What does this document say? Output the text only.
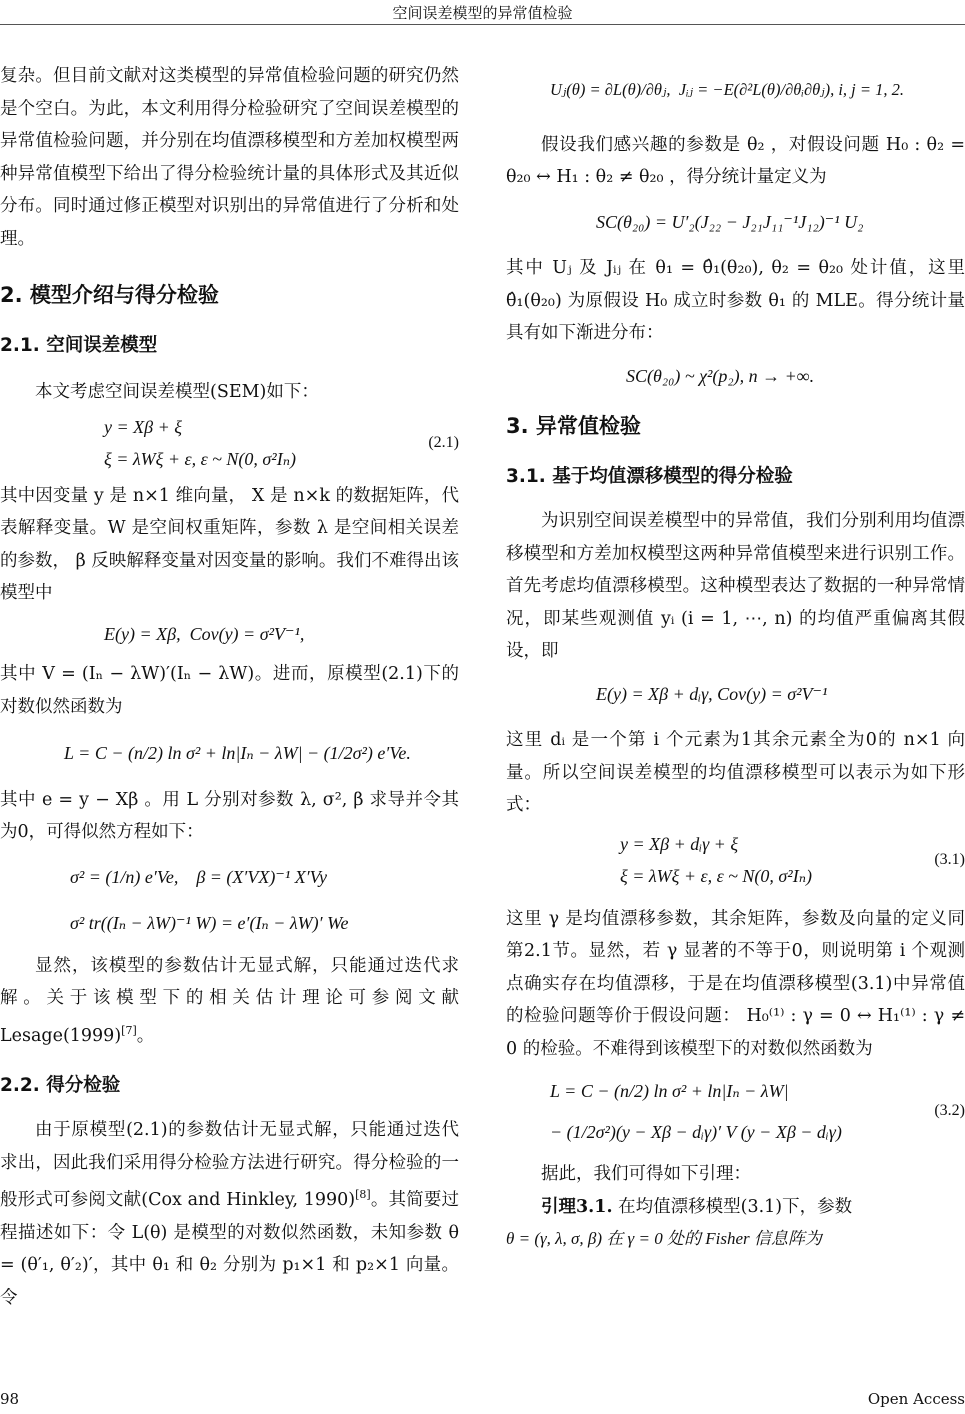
空间误差模型的异常值检验

复杂。但目前文献对这类模型的异常值检验问题的研究仍然是个空白。为此，本文利用得分检验研究了空间误差模型的异常值检验问题，并分别在均值漂移模型和方差加权模型两种异常值模型下给出了得分检验统计量的具体形式及其近似分布。同时通过修正模型对识别出的异常值进行了分析和处理。

2. 模型介绍与得分检验
2.1. 空间误差模型

本文考虑空间误差模型(SEM)如下：

y = Xβ + ξ
ξ = λWξ + ε, ε ~ N(0, σ²Iₙ)
(2.1)

其中因变量 y 是 n×1 维向量， X 是 n×k 的数据矩阵，代表解释变量。W 是空间权重矩阵，参数 λ 是空间相关误差的参数， β 反映解释变量对因变量的影响。我们不难得出该模型中

E(y) = Xβ,  Cov(y) = σ²V⁻¹,

其中 V = (Iₙ − λW)′(Iₙ − λW)。进而，原模型(2.1)下的对数似然函数为

L = C − (n/2) ln σ² + ln|Iₙ − λW| − (1/2σ²) e′Ve.

其中 e = y − Xβ 。用 L 分别对参数 λ, σ², β 求导并令其为0，可得似然方程如下：

σ² = (1/n) e′Ve,    β = (X′VX)⁻¹ X′Vy
σ² tr((Iₙ − λW)⁻¹ W) = e′(Iₙ − λW)′ We

显然，该模型的参数估计无显式解，只能通过迭代求解。关于该模型下的相关估计理论可参阅文献Lesage(1999)[7]。

2.2. 得分检验

由于原模型(2.1)的参数估计无显式解，只能通过迭代求出，因此我们采用得分检验方法进行研究。得分检验的一般形式可参阅文献(Cox and Hinkley, 1990)[8]。其简要过程描述如下：令 L(θ) 是模型的对数似然函数，未知参数 θ = (θ′₁, θ′₂)′，其中 θ₁ 和 θ₂ 分别为 p₁×1 和 p₂×1 向量。令

Uⱼ(θ) = ∂L(θ)/∂θⱼ,  Jᵢⱼ = −E(∂²L(θ)/∂θᵢ∂θⱼ), i, j = 1, 2.

假设我们感兴趣的参数是 θ₂ ，对假设问题 H₀ : θ₂ = θ₂₀ ↔ H₁ : θ₂ ≠ θ₂₀ ，得分统计量定义为

SC(θ₂₀) = U′₂(J₂₂ − J₂₁J₁₁⁻¹J₁₂)⁻¹ U₂

其中 Uⱼ 及 Jᵢⱼ 在 θ₁ = θ̂₁(θ₂₀), θ₂ = θ₂₀ 处计值，这里 θ̂₁(θ₂₀) 为原假设 H₀ 成立时参数 θ₁ 的 MLE。得分统计量具有如下渐进分布：

SC(θ₂₀) ~ χ²(p₂), n → +∞.
3. 异常值检验
3.1. 基于均值漂移模型的得分检验

为识别空间误差模型中的异常值，我们分别利用均值漂移模型和方差加权模型这两种异常值模型来进行识别工作。首先考虑均值漂移模型。这种模型表达了数据的一种异常情况，即某些观测值 yᵢ (i = 1, ⋯, n) 的均值严重偏离其假设，即

E(y) = Xβ + dᵢγ, Cov(y) = σ²V⁻¹

这里 dᵢ 是一个第 i 个元素为1其余元素全为0的 n×1 向量。所以空间误差模型的均值漂移模型可以表示为如下形式：

y = Xβ + dᵢγ + ξ
ξ = λWξ + ε, ε ~ N(0, σ²Iₙ)
(3.1)

这里 γ 是均值漂移参数，其余矩阵，参数及向量的定义同第2.1节。显然，若 γ 显著的不等于0，则说明第 i 个观测点确实存在均值漂移，于是在均值漂移模型(3.1)中异常值的检验问题等价于假设问题： H₀⁽¹⁾ : γ = 0 ↔ H₁⁽¹⁾ : γ ≠ 0 的检验。不难得到该模型下的对数似然函数为

L = C − (n/2) ln σ² + ln|Iₙ − λW|
− (1/2σ²)(y − Xβ − dᵢγ)′ V (y − Xβ − dᵢγ)
(3.2)

据此，我们可得如下引理：

引理3.1. 在均值漂移模型(3.1)下，参数

θ = (γ, λ, σ, β) 在 γ = 0 处的 Fisher 信息阵为
98	Open Access
